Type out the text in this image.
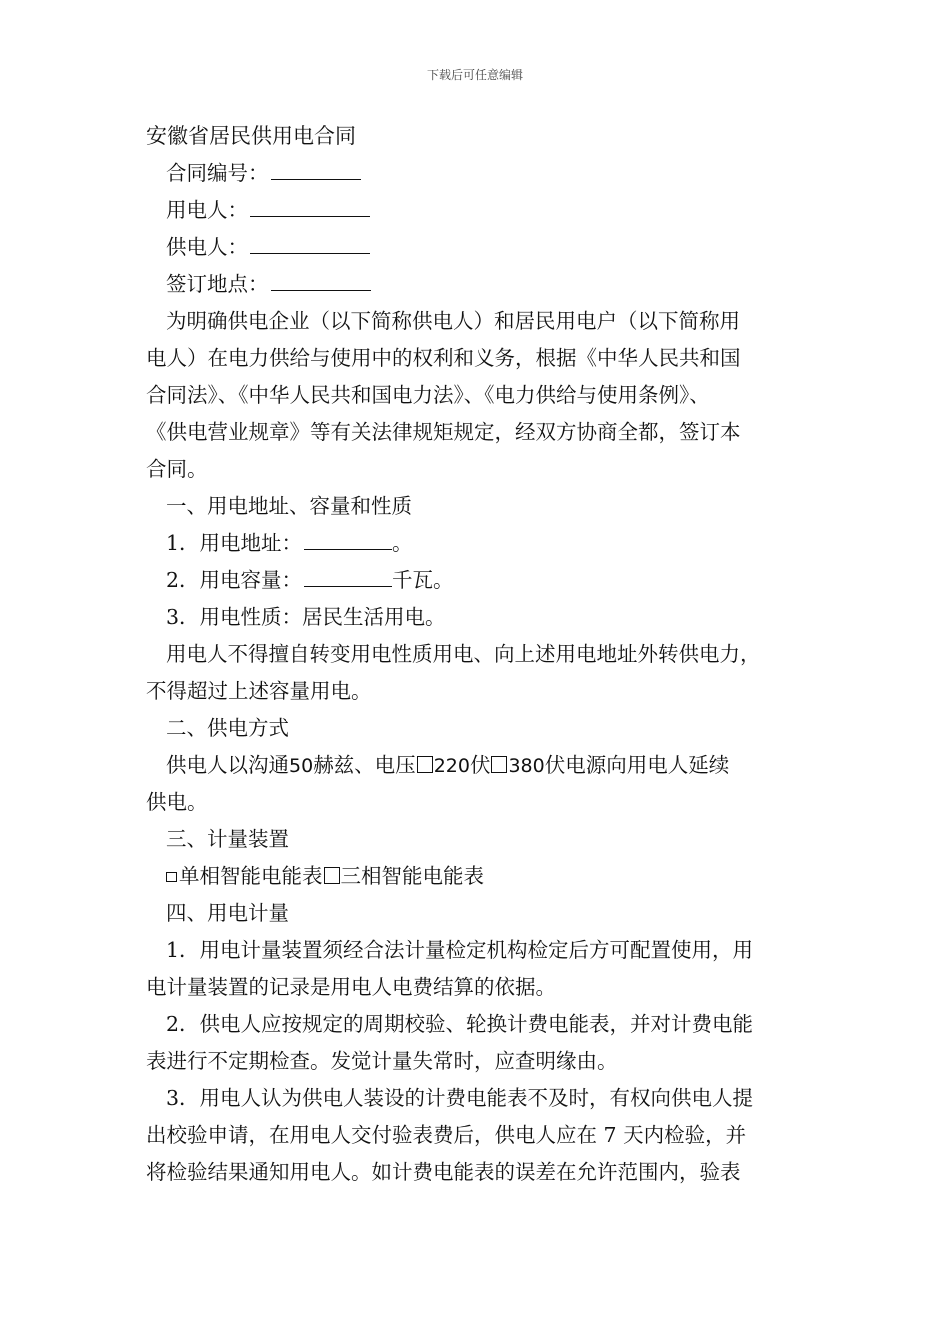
下载后可任意编辑
安徽省居民供用电合同
合同编号：
用电人：
供电人：
签订地点：
为明确供电企业（以下简称供电人）和居民用电户（以下简称用
电人）在电力供给与使用中的权利和义务，根据《中华人民共和国
合同法》、《中华人民共和国电力法》、《电力供给与使用条例》、
《供电营业规章》等有关法律规矩规定，经双方协商全都，签订本
合同。
一、用电地址、容量和性质
1．用电地址：	。
2．用电容量：	千瓦。
3．用电性质：居民生活用电。
用电人不得擅自转变用电性质用电、向上述用电地址外转供电力，
不得超过上述容量用电。
二、供电方式
供电人以沟通50赫兹、电压 220伏 380伏电源向用电人延续
供电。
三、计量装置
单相智能电能表 三相智能电能表
四、用电计量
1．用电计量装置须经合法计量检定机构检定后方可配置使用，用
电计量装置的记录是用电人电费结算的依据。
2．供电人应按规定的周期校验、轮换计费电能表，并对计费电能
表进行不定期检查。发觉计量失常时，应查明缘由。
3．用电人认为供电人装设的计费电能表不及时，有权向供电人提
出校验申请，在用电人交付验表费后，供电人应在 7 天内检验，并
将检验结果通知用电人。如计费电能表的误差在允许范围内，验表
